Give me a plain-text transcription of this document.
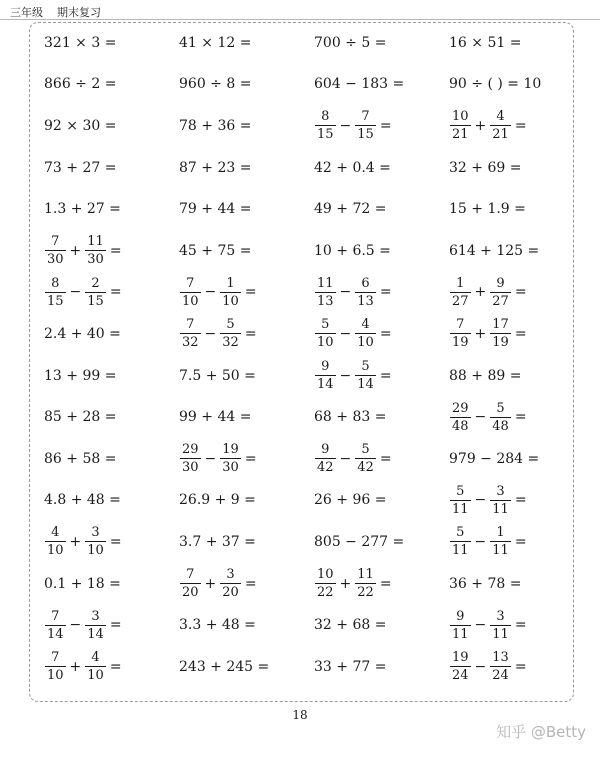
三年级 期末复习
321 × 3 =	41 × 12 =	700 ÷ 5 =	16 × 51 =
866 ÷ 2 =	960 ÷ 8 =	604 − 183 =	90 ÷ ( ) = 10
92 × 30 =	78 + 36 =	$\frac{8}{15} - \frac{7}{15}$ =	$\frac{10}{21} + \frac{4}{21}$ =
73 + 27 =	87 + 23 =	42 + 0.4 =	32 + 69 =
1.3 + 27 =	79 + 44 =	49 + 72 =	15 + 1.9 =
$\frac{7}{30} + \frac{11}{30}$ =	45 + 75 =	10 + 6.5 =	614 + 125 =
$\frac{8}{15} - \frac{2}{15}$ =	$\frac{7}{10} - \frac{1}{10}$ =	$\frac{11}{13} - \frac{6}{13}$ =	$\frac{1}{27} + \frac{9}{27}$ =
2.4 + 40 =	$\frac{7}{32} - \frac{5}{32}$ =	$\frac{5}{10} - \frac{4}{10}$ =	$\frac{7}{19} + \frac{17}{19}$ =
13 + 99 =	7.5 + 50 =	$\frac{9}{14} - \frac{5}{14}$ =	88 + 89 =
85 + 28 =	99 + 44 =	68 + 83 =	$\frac{29}{48} - \frac{5}{48}$ =
86 + 58 =	$\frac{29}{30} - \frac{19}{30}$ =	$\frac{9}{42} - \frac{5}{42}$ =	979 − 284 =
4.8 + 48 =	26.9 + 9 =	26 + 96 =	$\frac{5}{11} - \frac{3}{11}$ =
$\frac{4}{10} + \frac{3}{10}$ =	3.7 + 37 =	805 − 277 =	$\frac{5}{11} - \frac{1}{11}$ =
0.1 + 18 =	$\frac{7}{20} + \frac{3}{20}$ =	$\frac{10}{22} + \frac{11}{22}$ =	36 + 78 =
$\frac{7}{14} - \frac{3}{14}$ =	3.3 + 48 =	32 + 68 =	$\frac{9}{11} - \frac{3}{11}$ =
$\frac{7}{10} + \frac{4}{10}$ =	243 + 245 =	33 + 77 =	$\frac{19}{24} - \frac{13}{24}$ =
18
知乎 @Betty
